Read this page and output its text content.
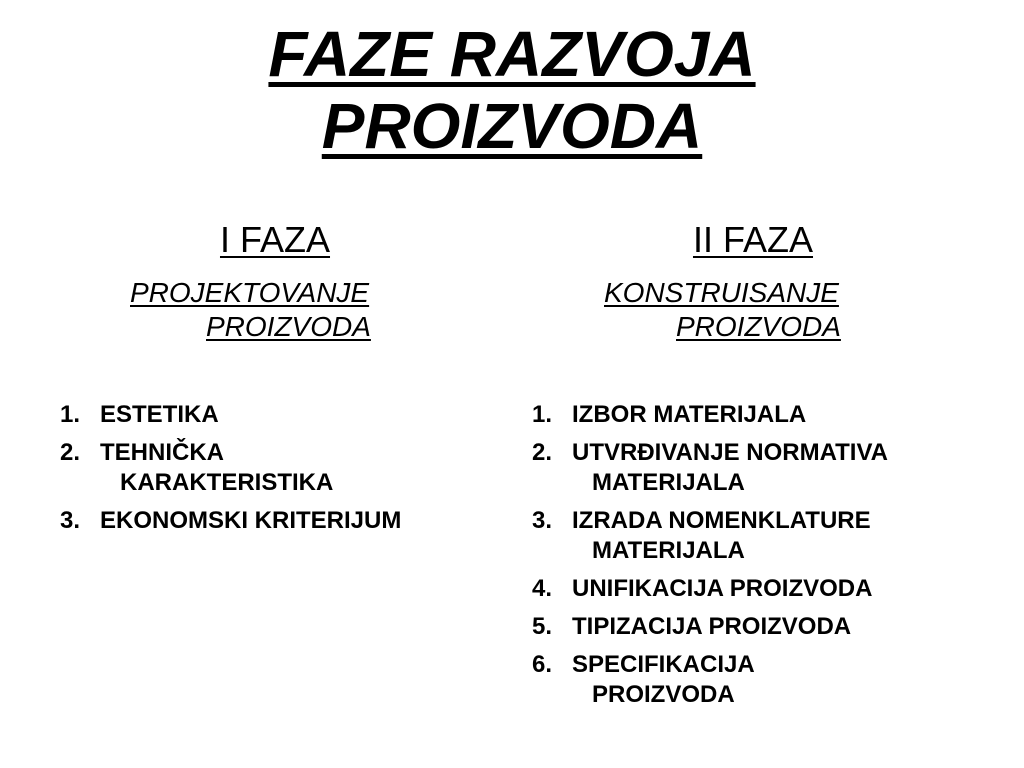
FAZE RAZVOJA
PROIZVODA

I FAZA

PROJEKTOVANJE
PROIZVODA

II FAZA

KONSTRUISANJE
PROIZVODA

1. ESTETIKA
2. TEHNIČKA
KARAKTERISTIKA
3. EKONOMSKI KRITERIJUM
1. IZBOR MATERIJALA
2. UTVRĐIVANJE NORMATIVA
MATERIJALA
3. IZRADA NOMENKLATURE
MATERIJALA
4. UNIFIKACIJA PROIZVODA
5. TIPIZACIJA PROIZVODA
6. SPECIFIKACIJA
PROIZVODA
